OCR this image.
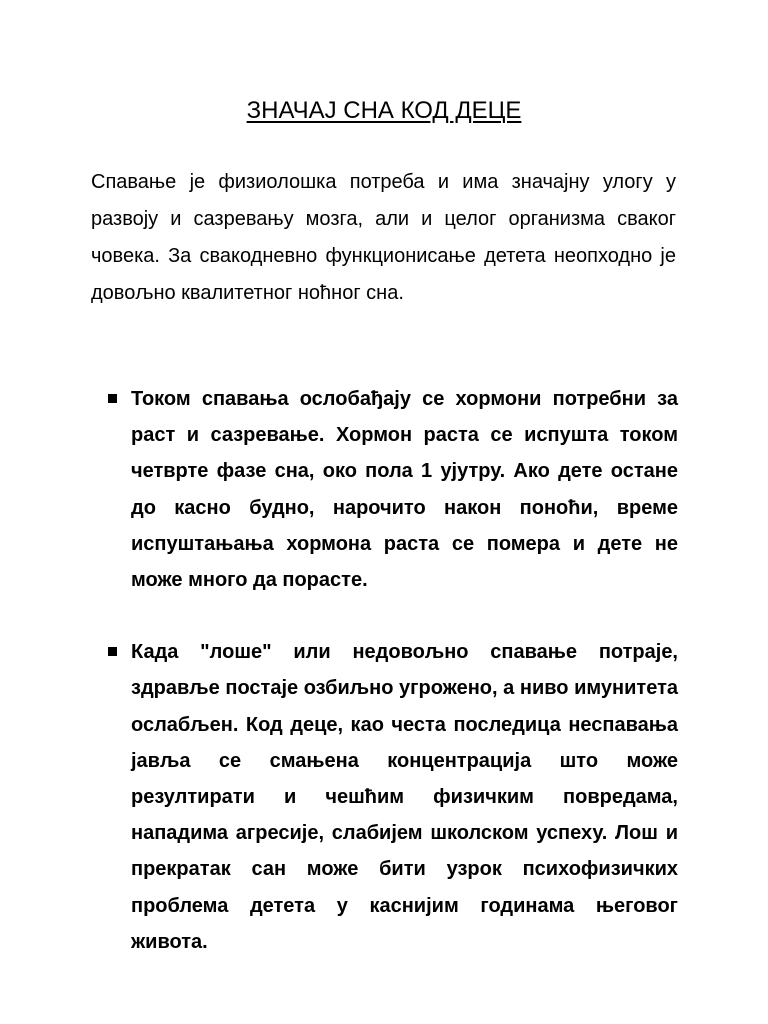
ЗНАЧАЈ СНА КОД ДЕЦЕ

Спавање је физиолошка потреба и има значајну улогу у развоју и сазревању мозга, али и целог организма сваког човека. За свакодневно функционисање детета неопходно је довољно квалитетног ноћног сна.

Током спавања ослобађају се хормони потребни за раст и сазревање. Хормон раста се испушта током четврте фазе сна, око пола 1 ујутру. Ако дете остане до касно будно, нарочито након поноћи, време испуштањања хормона раста се помера и дете не може много да порасте.
Када "лоше" или недовољно спавање потраје, здравље постаје озбиљно угрожено, а ниво имунитета ослабљен. Код деце, као честа последица неспавања јавља се смањена концентрација што може резултирати и чешћим физичким повредама, нападима агресије, слабијем школском успеху. Лош и прекратак сан може бити узрок психофизичких проблема детета у каснијим годинама његовог живота.
